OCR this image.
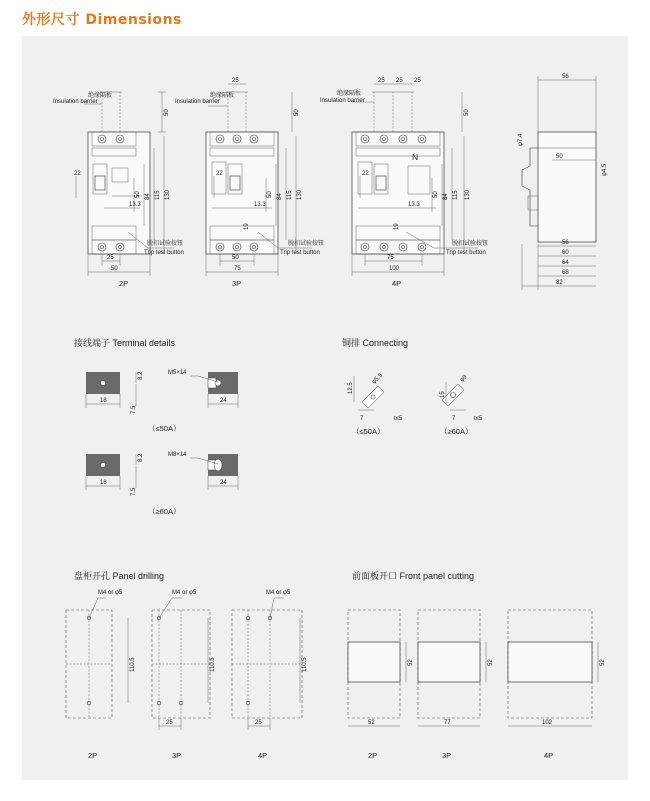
外形尺寸 Dimensions
绝缘隔板
Insulation barrier
50
50 84 115 130
22
13.3
脱扣试验按钮
Trip test button
25
50
2P
25
绝缘隔板
Insulation barrier
50
50 84 115 130
22
19
13.3
脱扣试验按钮
Trip test button
50
75
3P
N
25 25 25
绝缘隔板
Insulation barrier
50
50 84 115 130
22
19
13.3
脱扣试验按钮
Trip test button
75
100
4P
56
50
φ7.4
φ4.5
56
60
64
68
82
接线端子 Terminal details
18
8.2
7.5
24
M5×14
（≤50A）
18
8.2
7.5
24
M8×14
（≥60A）
铜排 Connecting
12.5
7
φ5.5
t≤5
（≤50A）
15
7
φ9
t≤5
（≥60A）
盘柜开孔 Panel drilling
110.5
M4 or φ5
2P
110.5
25
M4 or φ5
3P
110.5
25
M4 or φ5
4P
前面板开口 Front panel cutting
52
52
2P
52
77
3P
52
102
4P
